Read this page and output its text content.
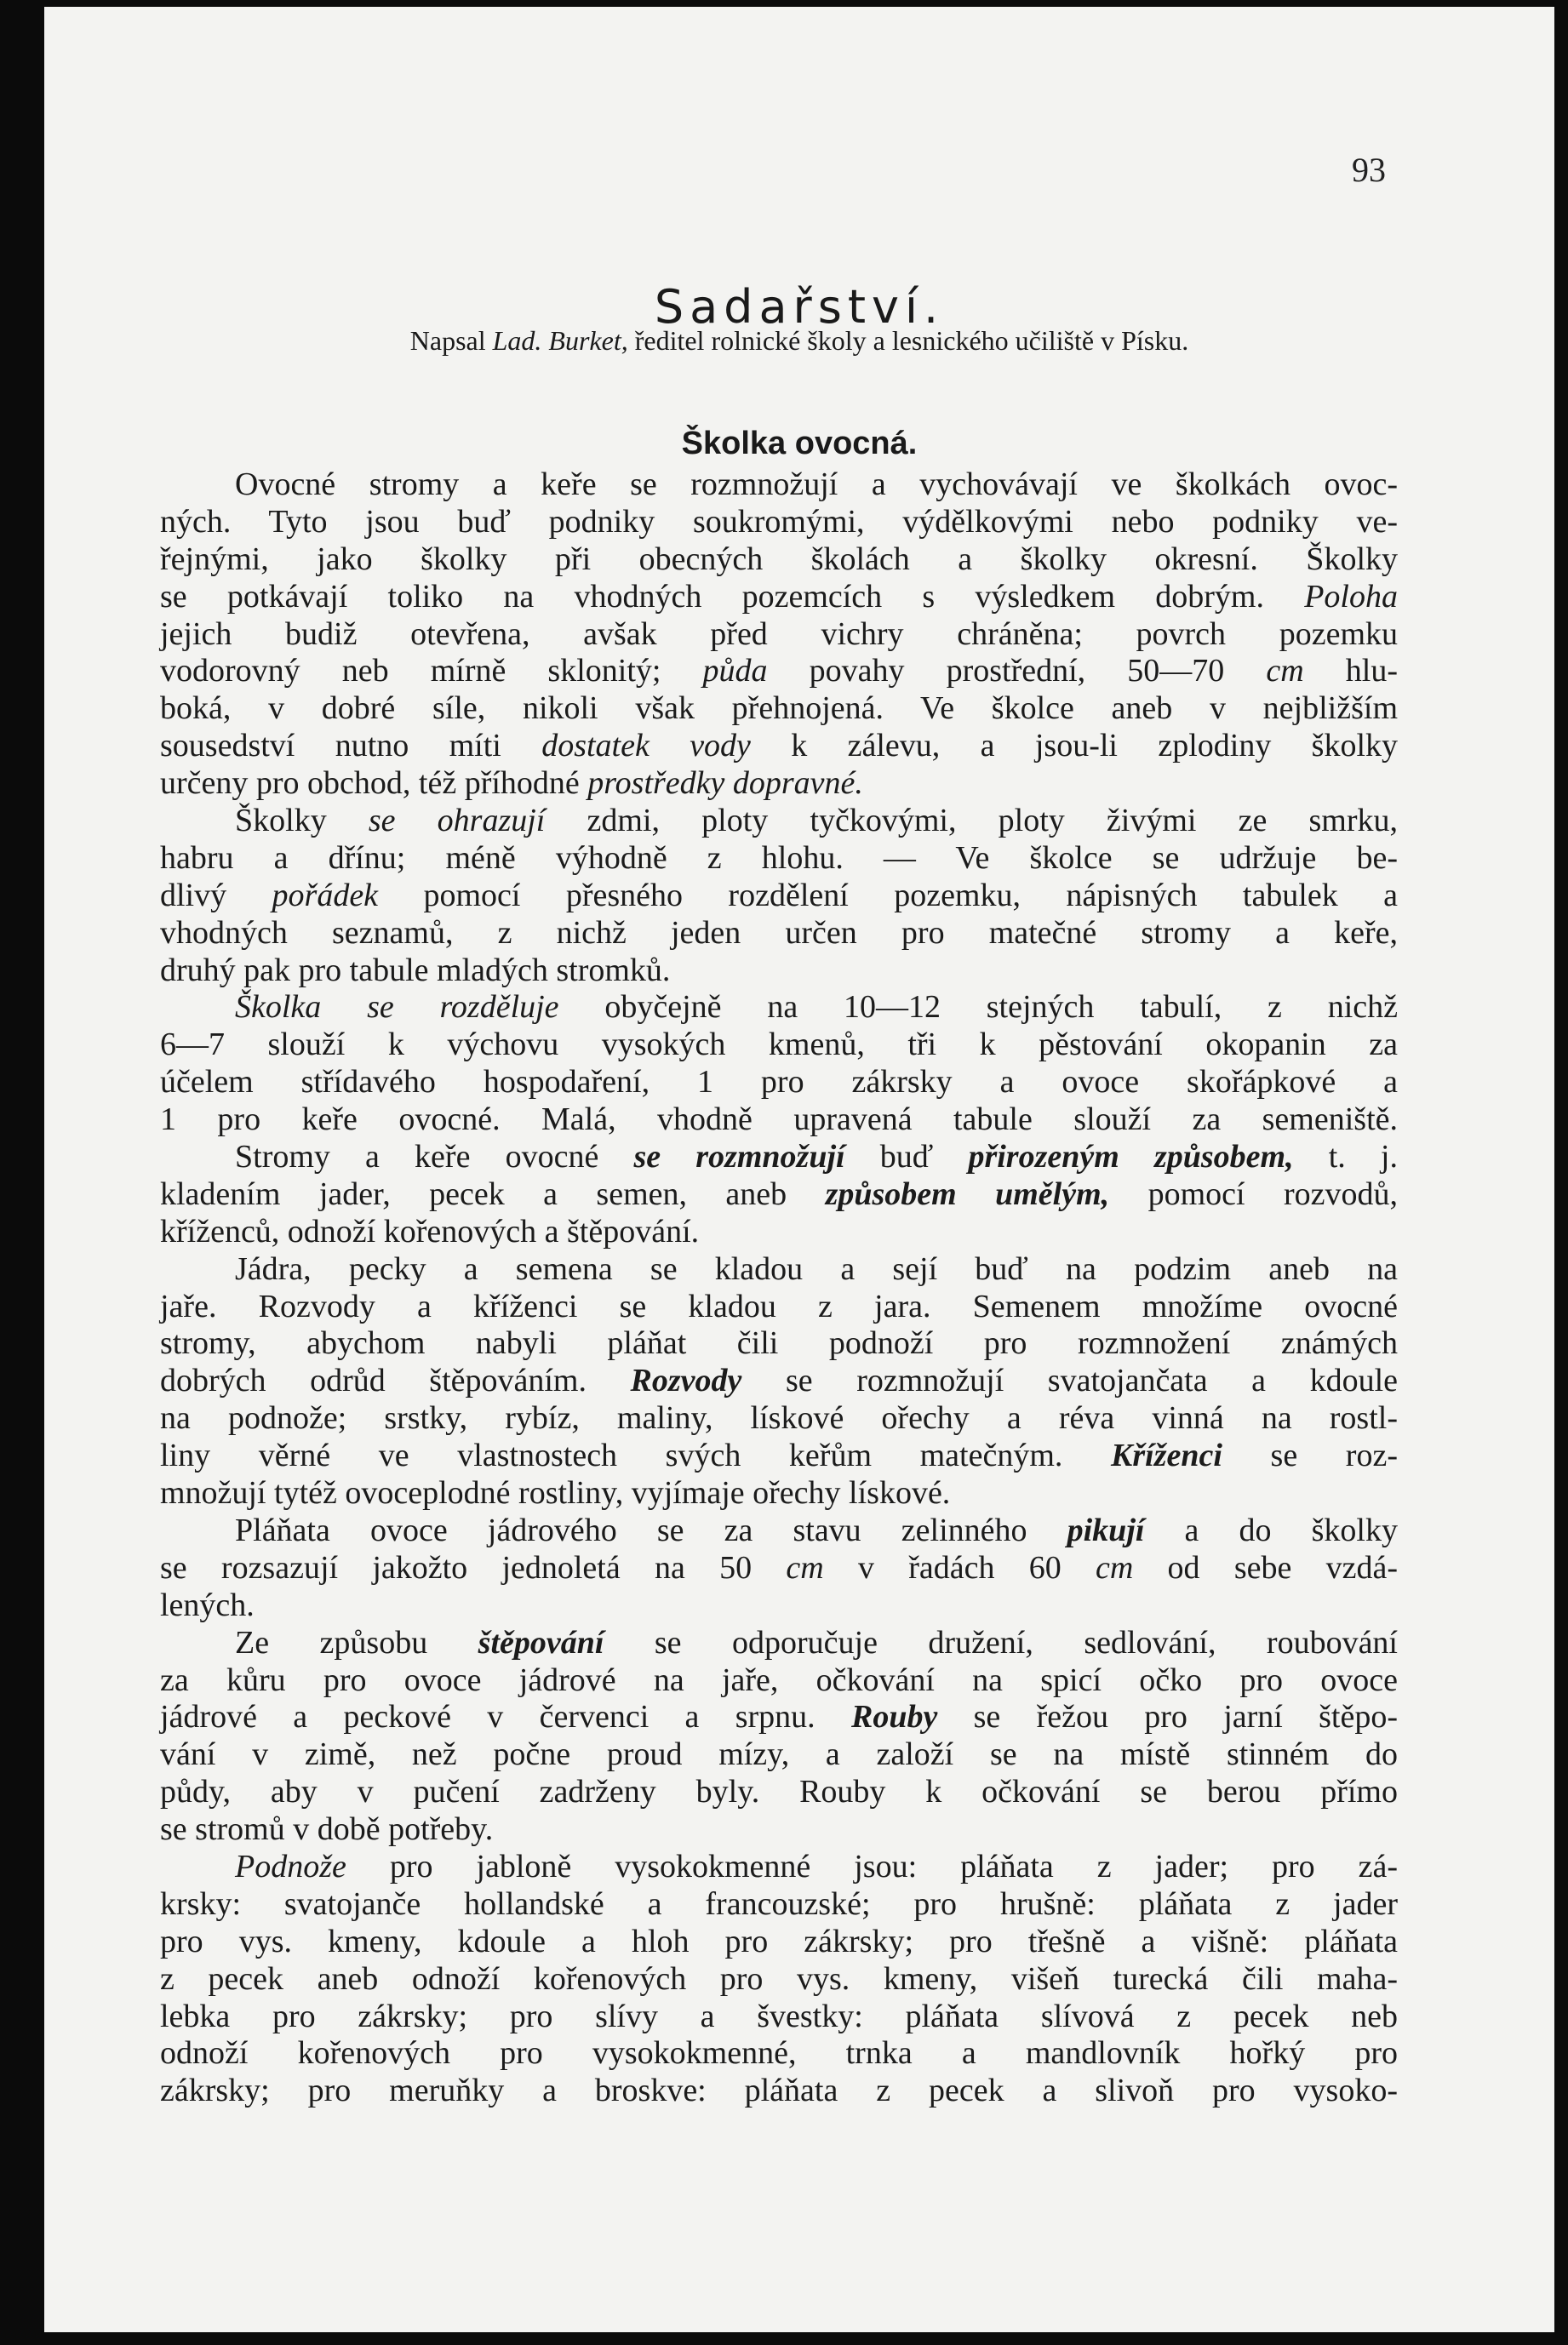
93
Sadařství.
Napsal Lad. Burket, ředitel rolnické školy a lesnického učiliště v Písku.
Školka ovocná.
Ovocné stromy a keře se rozmnožují a vychovávají ve školkách ovoc-
ných. Tyto jsou buď podniky soukromými, výdělkovými nebo podniky ve-
řejnými, jako školky při obecných školách a školky okresní. Školky
se potkávají toliko na vhodných pozemcích s výsledkem dobrým. Poloha
jejich budiž otevřena, avšak před vichry chráněna; povrch pozemku
vodorovný neb mírně sklonitý; půda povahy prostřední, 50—70 cm hlu-
boká, v dobré síle, nikoli však přehnojená. Ve školce aneb v nejbližším
sousedství nutno míti dostatek vody k zálevu, a jsou-li zplodiny školky
určeny pro obchod, též příhodné prostředky dopravné.
Školky se ohrazují zdmi, ploty tyčkovými, ploty živými ze smrku,
habru a dřínu; méně výhodně z hlohu. — Ve školce se udržuje be-
dlivý pořádek pomocí přesného rozdělení pozemku, nápisných tabulek a
vhodných seznamů, z nichž jeden určen pro matečné stromy a keře,
druhý pak pro tabule mladých stromků.
Školka se rozděluje obyčejně na 10—12 stejných tabulí, z nichž
6—7 slouží k výchovu vysokých kmenů, tři k pěstování okopanin za
účelem střídavého hospodaření, 1 pro zákrsky a ovoce skořápkové a
1 pro keře ovocné. Malá, vhodně upravená tabule slouží za semeniště.
Stromy a keře ovocné se rozmnožují buď přirozeným způsobem, t. j.
kladením jader, pecek a semen, aneb způsobem umělým, pomocí rozvodů,
kříženců, odnoží kořenových a štěpování.
Jádra, pecky a semena se kladou a sejí buď na podzim aneb na
jaře. Rozvody a kříženci se kladou z jara. Semenem množíme ovocné
stromy, abychom nabyli pláňat čili podnoží pro rozmnožení známých
dobrých odrůd štěpováním. Rozvody se rozmnožují svatojančata a kdoule
na podnože; srstky, rybíz, maliny, lískové ořechy a réva vinná na rostl-
liny věrné ve vlastnostech svých keřům matečným. Kříženci se roz-
množují tytéž ovoceplodné rostliny, vyjímaje ořechy lískové.
Pláňata ovoce jádrového se za stavu zelinného pikují a do školky
se rozsazují jakožto jednoletá na 50 cm v řadách 60 cm od sebe vzdá-
lených.
Ze způsobu štěpování se odporučuje družení, sedlování, roubování
za kůru pro ovoce jádrové na jaře, očkování na spicí očko pro ovoce
jádrové a peckové v červenci a srpnu. Rouby se řežou pro jarní štěpo-
vání v zimě, než počne proud mízy, a založí se na místě stinném do
půdy, aby v pučení zadrženy byly. Rouby k očkování se berou přímo
se stromů v době potřeby.
Podnože pro jabloně vysokokmenné jsou: pláňata z jader; pro zá-
krsky: svatojanče hollandské a francouzské; pro hrušně: pláňata z jader
pro vys. kmeny, kdoule a hloh pro zákrsky; pro třešně a višně: pláňata
z pecek aneb odnoží kořenových pro vys. kmeny, višeň turecká čili maha-
lebka pro zákrsky; pro slívy a švestky: pláňata slívová z pecek neb
odnoží kořenových pro vysokokmenné, trnka a mandlovník hořký pro
zákrsky; pro meruňky a broskve: pláňata z pecek a slivoň pro vysoko-
